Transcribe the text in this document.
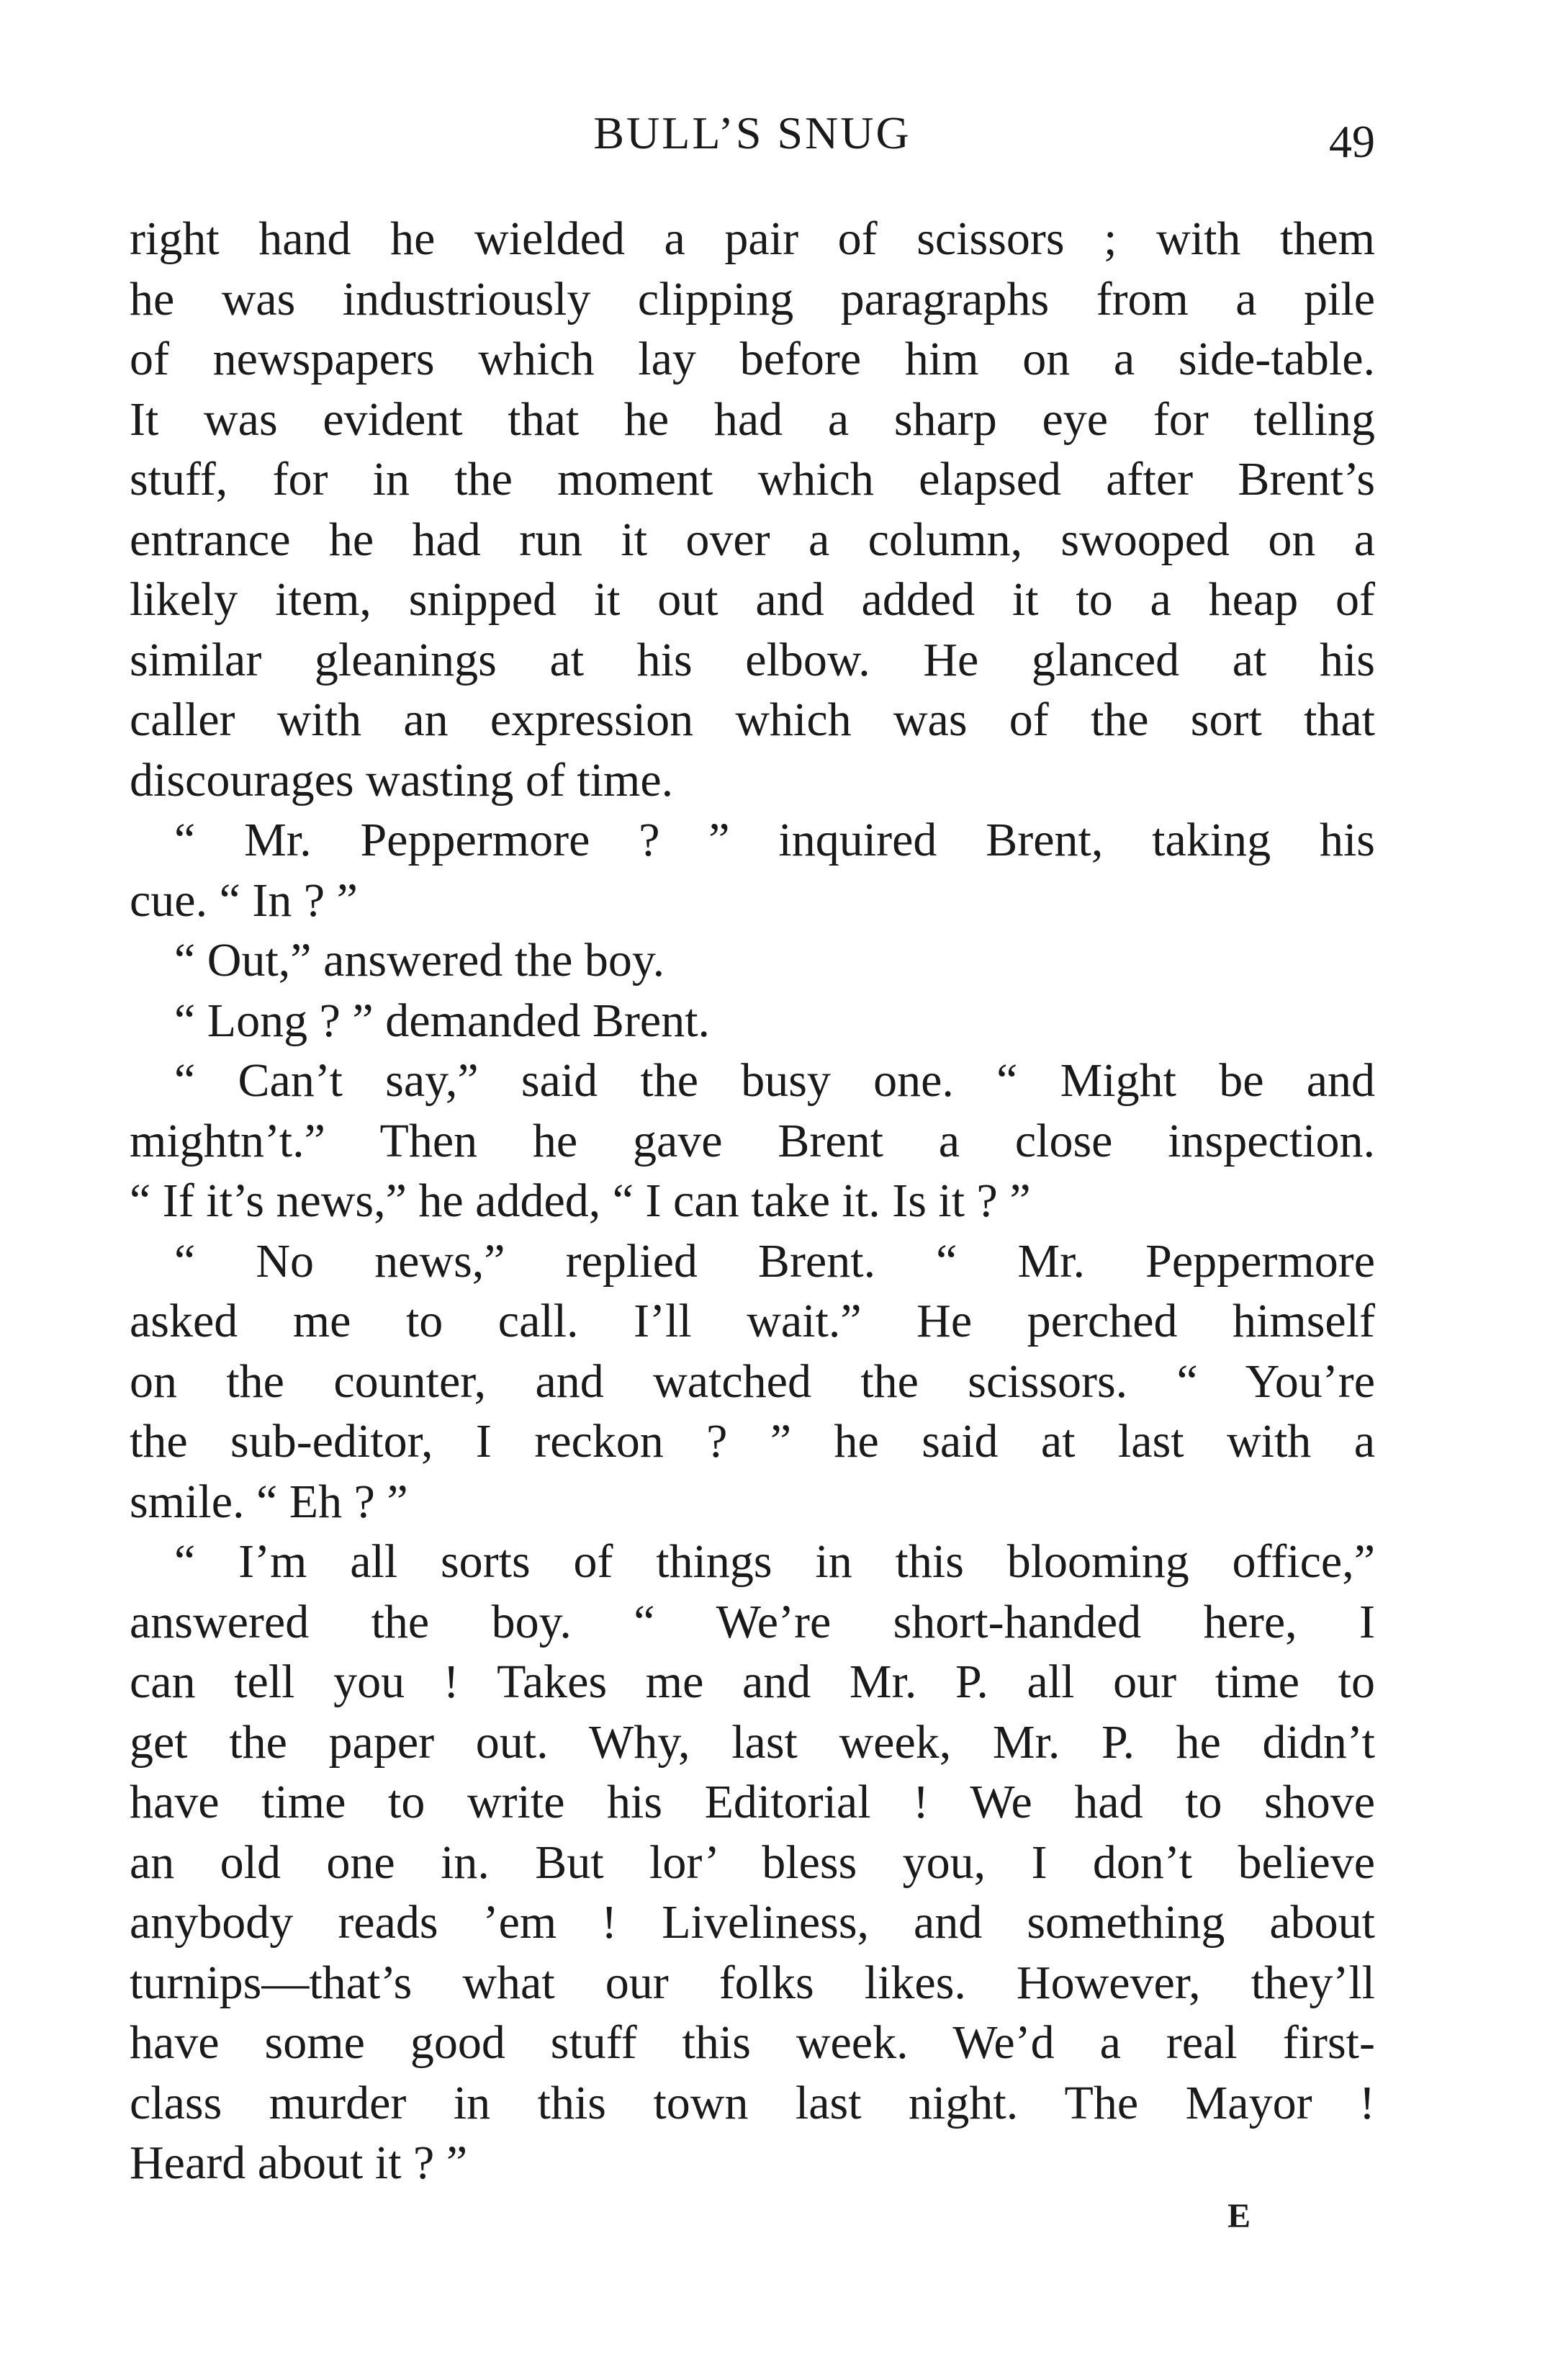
BULL’S SNUG	49
right hand he wielded a pair of scissors ; with them
he was industriously clipping paragraphs from a pile
of newspapers which lay before him on a side-table.
It was evident that he had a sharp eye for telling
stuff, for in the moment which elapsed after Brent’s
entrance he had run it over a column, swooped on a
likely item, snipped it out and added it to a heap of
similar gleanings at his elbow. He glanced at his
caller with an expression which was of the sort that
discourages wasting of time.
“ Mr. Peppermore ? ” inquired Brent, taking his
cue. “ In ? ”
“ Out,” answered the boy.
“ Long ? ” demanded Brent.
“ Can’t say,” said the busy one. “ Might be and
mightn’t.” Then he gave Brent a close inspection.
“ If it’s news,” he added, “ I can take it. Is it ? ”
“ No news,” replied Brent. “ Mr. Peppermore
asked me to call. I’ll wait.” He perched himself
on the counter, and watched the scissors. “ You’re
the sub-editor, I reckon ? ” he said at last with a
smile. “ Eh ? ”
“ I’m all sorts of things in this blooming office,”
answered the boy. “ We’re short-handed here, I
can tell you ! Takes me and Mr. P. all our time to
get the paper out. Why, last week, Mr. P. he didn’t
have time to write his Editorial ! We had to shove
an old one in. But lor’ bless you, I don’t believe
anybody reads ’em ! Liveliness, and something about
turnips—that’s what our folks likes. However, they’ll
have some good stuff this week. We’d a real first-
class murder in this town last night. The Mayor !
Heard about it ? ”
E
